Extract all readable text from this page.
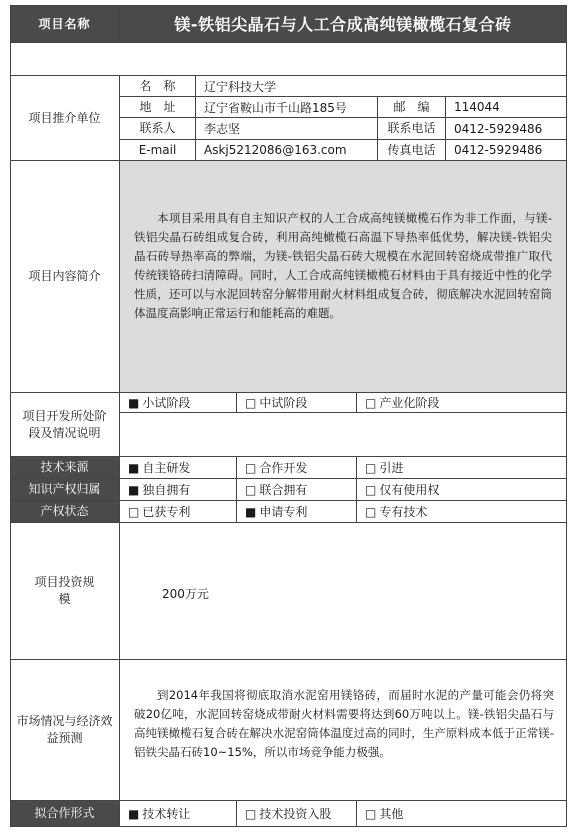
项目名称	镁-铁铝尖晶石与人工合成高纯镁橄榄石复合砖
项目推介单位
名　称	辽宁科技大学
地　址	辽宁省鞍山市千山路185号	邮　编	114044
联系人	李志坚	联系电话	0412-5929486
E-mail	Askj5212086@163.com	传真电话	0412-5929486
项目内容简介
本项目采用具有自主知识产权的人工合成高纯镁橄榄石作为非工作面，与镁-铁铝尖晶石砖组成复合砖，利用高纯橄榄石高温下导热率低优势，解决镁-铁铝尖晶石砖导热率高的弊端，为镁-铁铝尖晶石砖大规模在水泥回转窑烧成带推广取代传统镁铬砖扫清障碍。同时，人工合成高纯镁橄榄石材料由于具有接近中性的化学性质，还可以与水泥回转窑分解带用耐火材料组成复合砖，彻底解决水泥回转窑筒体温度高影响正常运行和能耗高的难题。
项目开发所处阶段及情况说明
■ 小试阶段	□ 中试阶段	□ 产业化阶段
技术来源	■ 自主研发	□ 合作开发	□ 引进
知识产权归属	■ 独自拥有	□ 联合拥有	□ 仅有使用权
产权状态	□ 已获专利	■ 申请专利	□ 专有技术
项目投资规模	200万元
市场情况与经济效益预测
到2014年我国将彻底取消水泥窑用镁铬砖，而届时水泥的产量可能会仍将突破20亿吨，水泥回转窑烧成带耐火材料需要将达到60万吨以上。镁-铁铝尖晶石与高纯镁橄榄石复合砖在解决水泥窑筒体温度过高的同时，生产原料成本低于正常镁-铝铁尖晶石砖10~15%，所以市场竞争能力极强。
拟合作形式	■ 技术转让	□ 技术投资入股	□ 其他
